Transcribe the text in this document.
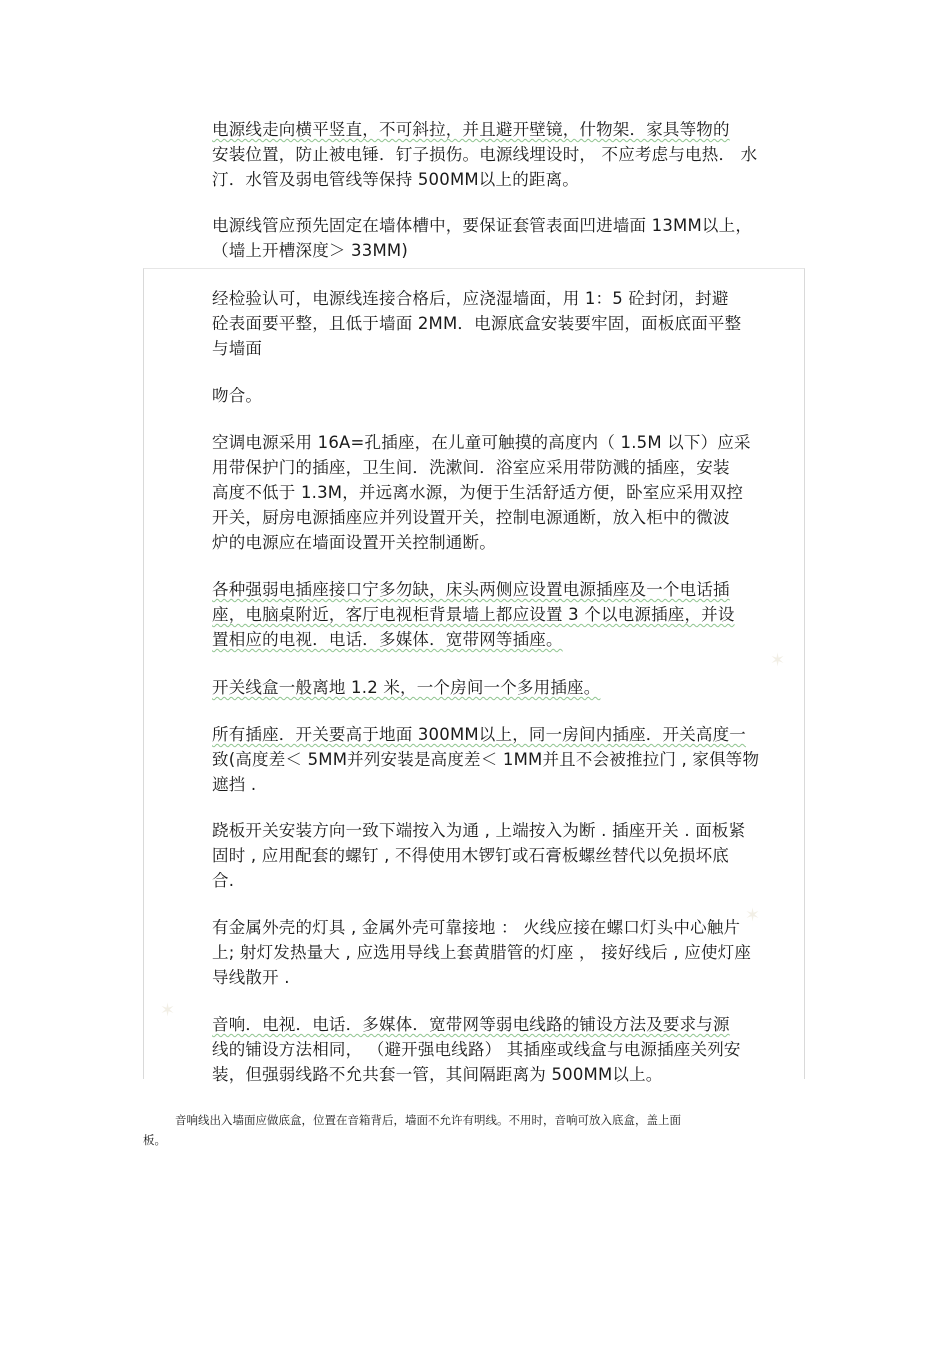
✶
✶
✶
电源线走向横平竖直，不可斜拉，并且避开壁镜，什物架．家具等物的
安装位置，防止被电锤．钉子损伤。电源线埋设时， 不应考虑与电热． 水
汀．水管及弱电管线等保持 500MM以上的距离。
电源线管应预先固定在墙体槽中，要保证套管表面凹进墙面 13MM以上，
（墙上开槽深度＞ 33MM)
经检验认可，电源线连接合格后，应浇湿墙面，用 1：5 砼封闭，封避
砼表面要平整，且低于墙面 2MM．电源底盒安装要牢固，面板底面平整
与墙面
吻合。
空调电源采用 16A=孔插座，在儿童可触摸的高度内（ 1.5M 以下）应采
用带保护门的插座，卫生间．洗漱间．浴室应采用带防溅的插座，安装
高度不低于 1.3M，并远离水源，为便于生活舒适方便，卧室应采用双控
开关，厨房电源插座应并列设置开关，控制电源通断，放入柜中的微波
炉的电源应在墙面设置开关控制通断。
各种强弱电插座接口宁多勿缺，床头两侧应设置电源插座及一个电话插
座，电脑桌附近，客厅电视柜背景墙上都应设置 3 个以电源插座，并设
置相应的电视．电话．多媒体．宽带网等插座。
开关线盒一般离地 1.2 米，一个房间一个多用插座。
所有插座．开关要高于地面 300MM以上，同一房间内插座．开关高度一
致(高度差＜ 5MM并列安装是高度差＜ 1MM并且不会被推拉门 , 家俱等物
遮挡 .
跷板开关安装方向一致下端按入为通 , 上端按入为断 . 插座开关 . 面板紧
固时 , 应用配套的螺钉 , 不得使用木锣钉或石膏板螺丝替代以免损坏底
合.
有金属外壳的灯具 , 金属外壳可靠接地 ： 火线应接在螺口灯头中心触片
上; 射灯发热量大 , 应选用导线上套黄腊管的灯座 ， 接好线后 , 应使灯座
导线散开 .
音响．电视．电话．多媒体．宽带网等弱电线路的铺设方法及要求与源
线的铺设方法相同， （避开强电线路） 其插座或线盒与电源插座关列安
装，但强弱线路不允共套一管，其间隔距离为 500MM以上。
音响线出入墙面应做底盒，位置在音箱背后，墙面不允许有明线。不用时，音响可放入底盒，盖上面
板。
